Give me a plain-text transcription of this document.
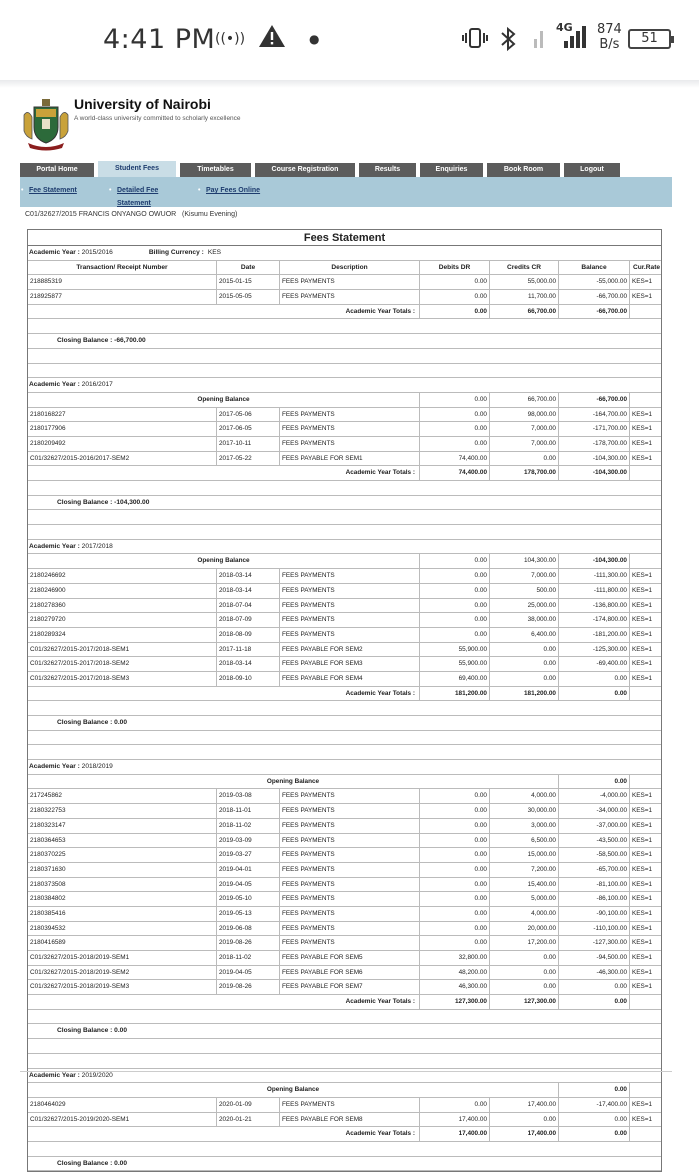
4:41 PM ((•))	●
4G 874
B/s	51
University of Nairobi
A world-class university committed to scholarly excellence
Portal Home	Student Fees	Timetables	Course Registration	Results	Enquiries	Book Room	Logout
• Fee Statement
•	Detailed Fee Statement
• Pay Fees Online
C01/32627/2015 FRANCIS ONYANGO OWUOR (Kisumu Evening)
Fees Statement
Academic Year : 2015/2016	Billing Currency : KES
Transaction/ Receipt Number	Date	Description	Debits DR	Credits CR	Balance	Cur.Rate
218885319	2015-01-15	FEES PAYMENTS	0.00	55,000.00	-55,000.00 KES=1
218925877	2015-05-05	FEES PAYMENTS	0.00	11,700.00	-66,700.00 KES=1
Academic Year Totals :	0.00	66,700.00	-66,700.00
Closing Balance : -66,700.00
Academic Year : 2016/2017
Opening Balance	0.00	66,700.00	-66,700.00
2180168227	2017-05-06	FEES PAYMENTS	0.00	98,000.00	-164,700.00 KES=1
2180177906	2017-06-05	FEES PAYMENTS	0.00	7,000.00	-171,700.00 KES=1
2180209492	2017-10-11	FEES PAYMENTS	0.00	7,000.00	-178,700.00 KES=1
C01/32627/2015-2016/2017-SEM2	2017-05-22	FEES PAYABLE FOR SEM1	74,400.00	0.00	-104,300.00 KES=1
Academic Year Totals :	74,400.00	178,700.00	-104,300.00
Closing Balance : -104,300.00
Academic Year : 2017/2018
Opening Balance	0.00	104,300.00	-104,300.00
2180246692	2018-03-14	FEES PAYMENTS	0.00	7,000.00	-111,300.00 KES=1
2180246900	2018-03-14	FEES PAYMENTS	0.00	500.00	-111,800.00 KES=1
2180278360	2018-07-04	FEES PAYMENTS	0.00	25,000.00	-136,800.00 KES=1
2180279720	2018-07-09	FEES PAYMENTS	0.00	38,000.00	-174,800.00 KES=1
2180289324	2018-08-09	FEES PAYMENTS	0.00	6,400.00	-181,200.00 KES=1
C01/32627/2015-2017/2018-SEM1	2017-11-18	FEES PAYABLE FOR SEM2	55,900.00	0.00	-125,300.00 KES=1
C01/32627/2015-2017/2018-SEM2	2018-03-14	FEES PAYABLE FOR SEM3	55,900.00	0.00	-69,400.00 KES=1
C01/32627/2015-2017/2018-SEM3	2018-09-10	FEES PAYABLE FOR SEM4	69,400.00	0.00	0.00 KES=1
Academic Year Totals :	181,200.00	181,200.00	0.00
Closing Balance : 0.00
Academic Year : 2018/2019
Opening Balance	0.00
217245862	2019-03-08	FEES PAYMENTS	0.00	4,000.00	-4,000.00 KES=1
2180322753	2018-11-01	FEES PAYMENTS	0.00	30,000.00	-34,000.00 KES=1
2180323147	2018-11-02	FEES PAYMENTS	0.00	3,000.00	-37,000.00 KES=1
2180364653	2019-03-09	FEES PAYMENTS	0.00	6,500.00	-43,500.00 KES=1
2180370225	2019-03-27	FEES PAYMENTS	0.00	15,000.00	-58,500.00 KES=1
2180371630	2019-04-01	FEES PAYMENTS	0.00	7,200.00	-65,700.00 KES=1
2180373508	2019-04-05	FEES PAYMENTS	0.00	15,400.00	-81,100.00 KES=1
2180384802	2019-05-10	FEES PAYMENTS	0.00	5,000.00	-86,100.00 KES=1
2180385416	2019-05-13	FEES PAYMENTS	0.00	4,000.00	-90,100.00 KES=1
2180394532	2019-06-08	FEES PAYMENTS	0.00	20,000.00	-110,100.00 KES=1
2180416589	2019-08-26	FEES PAYMENTS	0.00	17,200.00	-127,300.00 KES=1
C01/32627/2015-2018/2019-SEM1	2018-11-02	FEES PAYABLE FOR SEM5	32,800.00	0.00	-94,500.00 KES=1
C01/32627/2015-2018/2019-SEM2	2019-04-05	FEES PAYABLE FOR SEM6	48,200.00	0.00	-46,300.00 KES=1
C01/32627/2015-2018/2019-SEM3	2019-08-26	FEES PAYABLE FOR SEM7	46,300.00	0.00	0.00 KES=1
Academic Year Totals :	127,300.00	127,300.00	0.00
Closing Balance : 0.00
Academic Year : 2019/2020
Opening Balance	0.00
2180464029	2020-01-09	FEES PAYMENTS	0.00	17,400.00	-17,400.00 KES=1
C01/32627/2015-2019/2020-SEM1	2020-01-21	FEES PAYABLE FOR SEM8	17,400.00	0.00	0.00 KES=1
Academic Year Totals :	17,400.00	17,400.00	0.00
Closing Balance : 0.00
